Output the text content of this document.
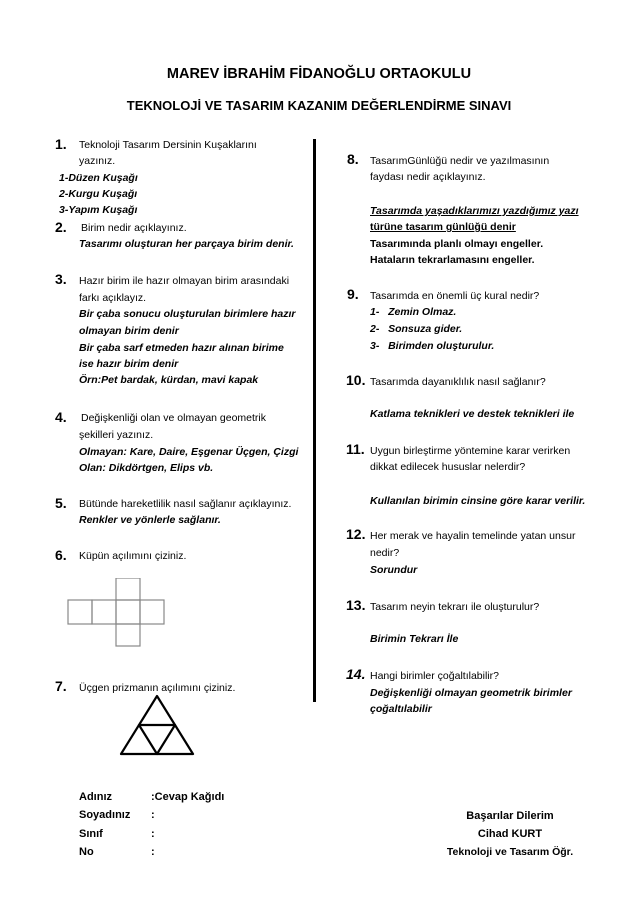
MAREV İBRAHİM FİDANOĞLU ORTAOKULU
TEKNOLOJİ VE TASARIM KAZANIM DEĞERLENDİRME SINAVI
1. Teknoloji Tasarım Dersinin Kuşaklarını
yazınız.
1-Düzen Kuşağı
2-Kurgu Kuşağı
3-Yapım Kuşağı
2. Birim nedir açıklayınız.
Tasarımı oluşturan her parçaya birim denir.
3. Hazır birim ile hazır olmayan birim arasındaki
farkı açıklayız.
Bir çaba sonucu oluşturulan birimlere hazır
olmayan birim denir
Bir çaba sarf etmeden hazır alınan birime
ise hazır birim denir
Örn:Pet bardak, kürdan, mavi kapak
4. Değişkenliği olan ve olmayan geometrik
şekilleri yazınız.
Olmayan: Kare, Daire, Eşgenar Üçgen, Çizgi
Olan: Dikdörtgen, Elips vb.
5. Bütünde hareketlilik nasıl sağlanır açıklayınız.
Renkler ve yönlerle sağlanır.
6. Küpün açılımını çiziniz.
7. Üçgen prizmanın açılımını çiziniz.
8. TasarımGünlüğü nedir ve yazılmasının
faydası nedir açıklayınız.
Tasarımda yaşadıklarımızı yazdığımız yazı
türüne tasarım günlüğü denir
Tasarımında planlı olmayı engeller.
Hataların tekrarlamasını engeller.
9. Tasarımda en önemli üç kural nedir?
1-   Zemin Olmaz.
2-   Sonsuza gider.
3-   Birimden oluşturulur.
10. Tasarımda dayanıklılık nasıl sağlanır?
Katlama teknikleri ve destek teknikleri ile
11. Uygun birleştirme yöntemine karar verirken
dikkat edilecek hususlar nelerdir?
Kullanılan birimin cinsine göre karar verilir.
12. Her merak ve hayalin temelinde yatan unsur
nedir?
Sorundur
13. Tasarım neyin tekrarı ile oluşturulur?
Birimin Tekrarı İle
14. Hangi birimler çoğaltılabilir?
Değişkenliği olmayan geometrik birimler
çoğaltılabilir
Adınız
Soyadınız
Sınıf
No
:Cevap Kağıdı
:
:
:
Başarılar Dilerim
Cihad KURT
Teknoloji ve Tasarım Öğr.
